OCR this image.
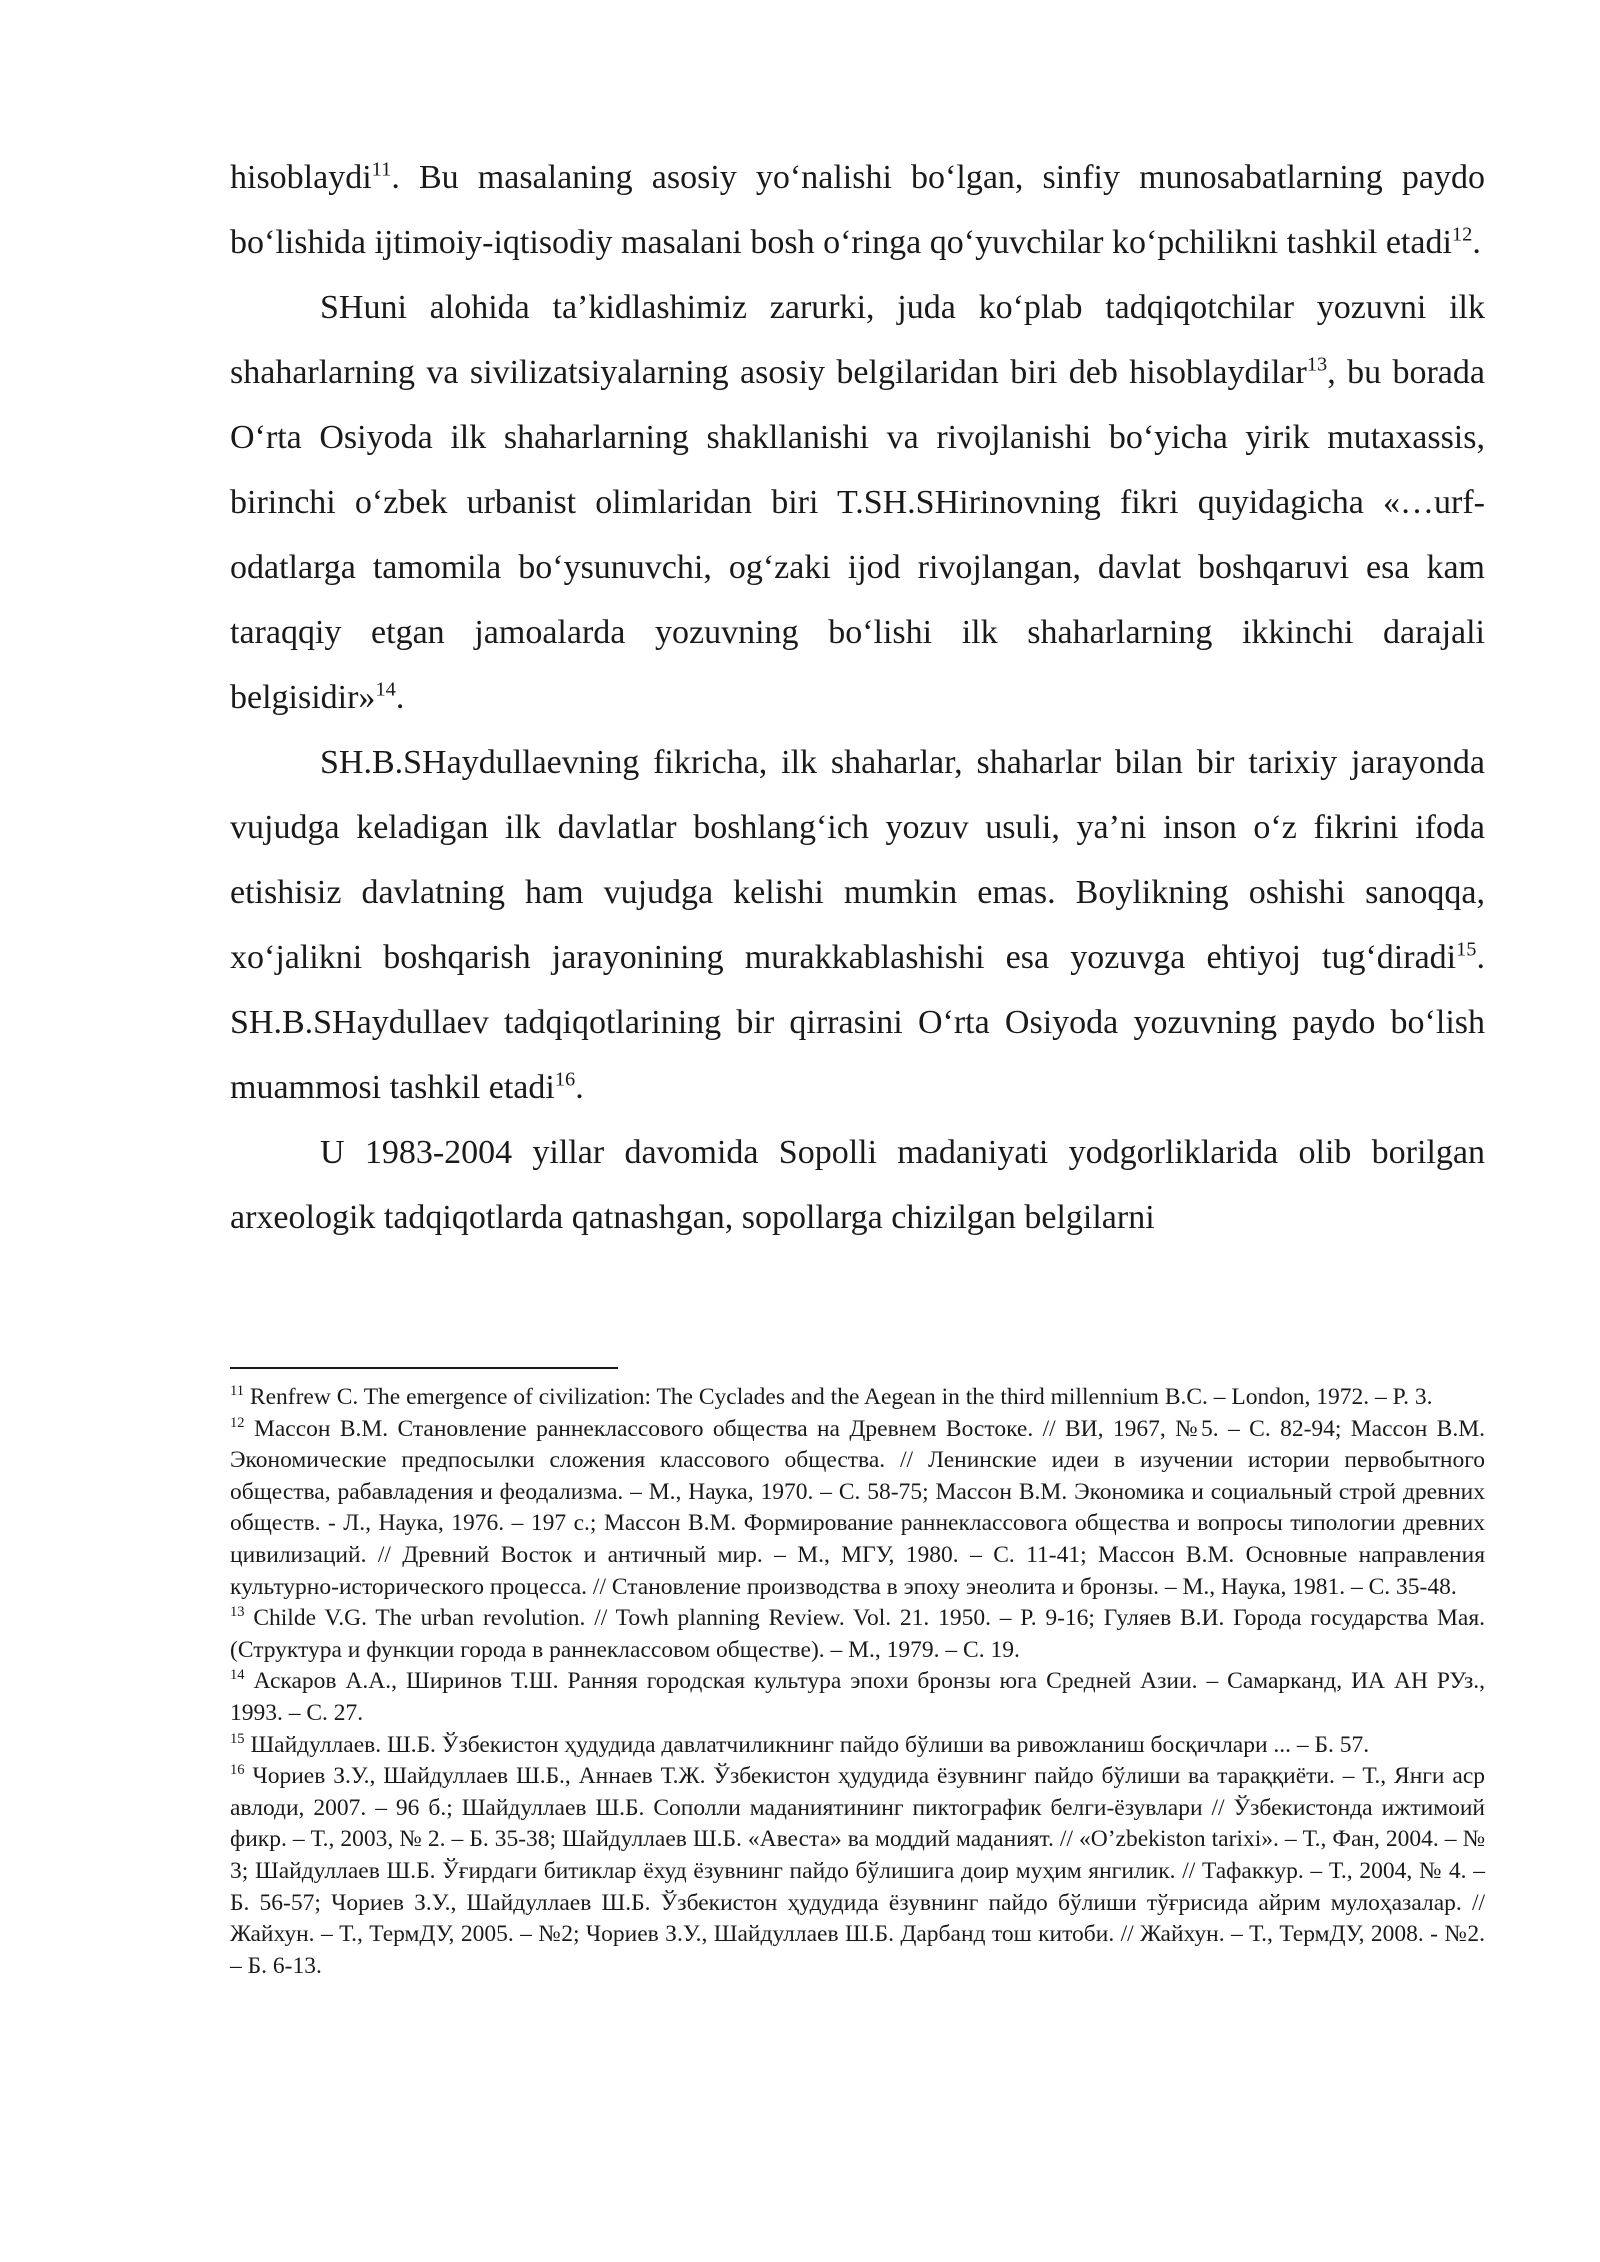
hisoblaydi$^{11}$. Bu masalaning asosiy yo‘nalishi bo‘lgan, sinfiy munosabatlarning paydo bo‘lishida ijtimoiy-iqtisodiy masalani bosh o‘ringa qo‘yuvchilar ko‘pchilikni tashkil etadi$^{12}$.

SHuni alohida ta’kidlashimiz zarurki, juda ko‘plab tadqiqotchilar yozuvni ilk shaharlarning va sivilizatsiyalarning asosiy belgilaridan biri deb hisoblaydilar$^{13}$, bu borada O‘rta Osiyoda ilk shaharlarning shakllanishi va rivojlanishi bo‘yicha yirik mutaxassis, birinchi o‘zbek urbanist olimlaridan biri T.SH.SHirinovning fikri quyidagicha «…urf-odatlarga tamomila bo‘ysunuvchi, og‘zaki ijod rivojlangan, davlat boshqaruvi esa kam taraqqiy etgan jamoalarda yozuvning bo‘lishi ilk shaharlarning ikkinchi darajali belgisidir»$^{14}$.

SH.B.SHaydullaevning fikricha, ilk shaharlar, shaharlar bilan bir tarixiy jarayonda vujudga keladigan ilk davlatlar boshlang‘ich yozuv usuli, ya’ni inson o‘z fikrini ifoda etishisiz davlatning ham vujudga kelishi mumkin emas. Boylikning oshishi sanoqqa, xo‘jalikni boshqarish jarayonining murakkablashishi esa yozuvga ehtiyoj tug‘diradi$^{15}$. SH.B.SHaydullaev tadqiqotlarining bir qirrasini O‘rta Osiyoda yozuvning paydo bo‘lish muammosi tashkil etadi$^{16}$.

U 1983-2004 yillar davomida Sopolli madaniyati yodgorliklarida olib borilgan arxeologik tadqiqotlarda qatnashgan, sopollarga chizilgan belgilarni

$^{11}$ Renfrew C. The emergence of civilization: The Cyclades and the Aegean in the third millennium B.C. – London, 1972. – P. 3.

$^{12}$ Массон В.М. Становление раннеклассового общества на Древнем Востоке. // ВИ, 1967, №5. – С. 82-94; Массон В.М. Экономические предпосылки сложения классового общества. // Ленинские идеи в изучении истории первобытного общества, рабавладения и феодализма. – М., Наука, 1970. – С. 58-75; Массон В.М. Экономика и социальный строй древних обществ. - Л., Наука, 1976. – 197 с.; Массон В.М. Формирование раннеклассовога общества и вопросы типологии древних цивилизаций. // Древний Восток и античный мир. – М., МГУ, 1980. – С. 11-41; Массон В.М. Основные направления культурно-исторического процесса. // Становление производства в эпоху энеолита и бронзы. – М., Наука, 1981. – С. 35-48.

$^{13}$ Childe V.G. The urban revolution. // Towh planning Review. Vol. 21. 1950. – P. 9-16; Гуляев В.И. Города государства Мая. (Структура и функции города в раннеклассовом обществе). – М., 1979. – С. 19.

$^{14}$ Аскаров А.А., Ширинов Т.Ш. Ранняя городская культура эпохи бронзы юга Средней Азии. – Самарканд, ИА АН РУз., 1993. – С. 27.

$^{15}$ Шайдуллаев. Ш.Б. Ўзбекистон ҳудудида давлатчиликнинг пайдо бўлиши ва ривожланиш босқичлари ... – Б. 57.

$^{16}$ Чориев З.У., Шайдуллаев Ш.Б., Аннаев Т.Ж. Ўзбекистон ҳудудида ёзувнинг пайдо бўлиши ва тараққиёти. – Т., Янги аср авлоди, 2007. – 96 б.; Шайдуллаев Ш.Б. Сополли маданиятининг пиктографик белги-ёзувлари // Ўзбекистонда ижтимоий фикр. – Т., 2003, № 2. – Б. 35-38; Шайдуллаев Ш.Б. «Авеста» ва моддий маданият. // «O’zbekiston tarixi». – Т., Фан, 2004. – № 3; Шайдуллаев Ш.Б. Ўғирдаги битиклар ёхуд ёзувнинг пайдо бўлишига доир муҳим янгилик. // Тафаккур. – Т., 2004, № 4. – Б. 56-57; Чориев З.У., Шайдуллаев Ш.Б. Ўзбекистон ҳудудида ёзувнинг пайдо бўлиши тўғрисида айрим мулоҳазалар. // Жайхун. – Т., ТермДУ, 2005. – №2; Чориев З.У., Шайдуллаев Ш.Б. Дарбанд тош китоби. // Жайхун. – Т., ТермДУ, 2008. - №2. – Б. 6-13.
